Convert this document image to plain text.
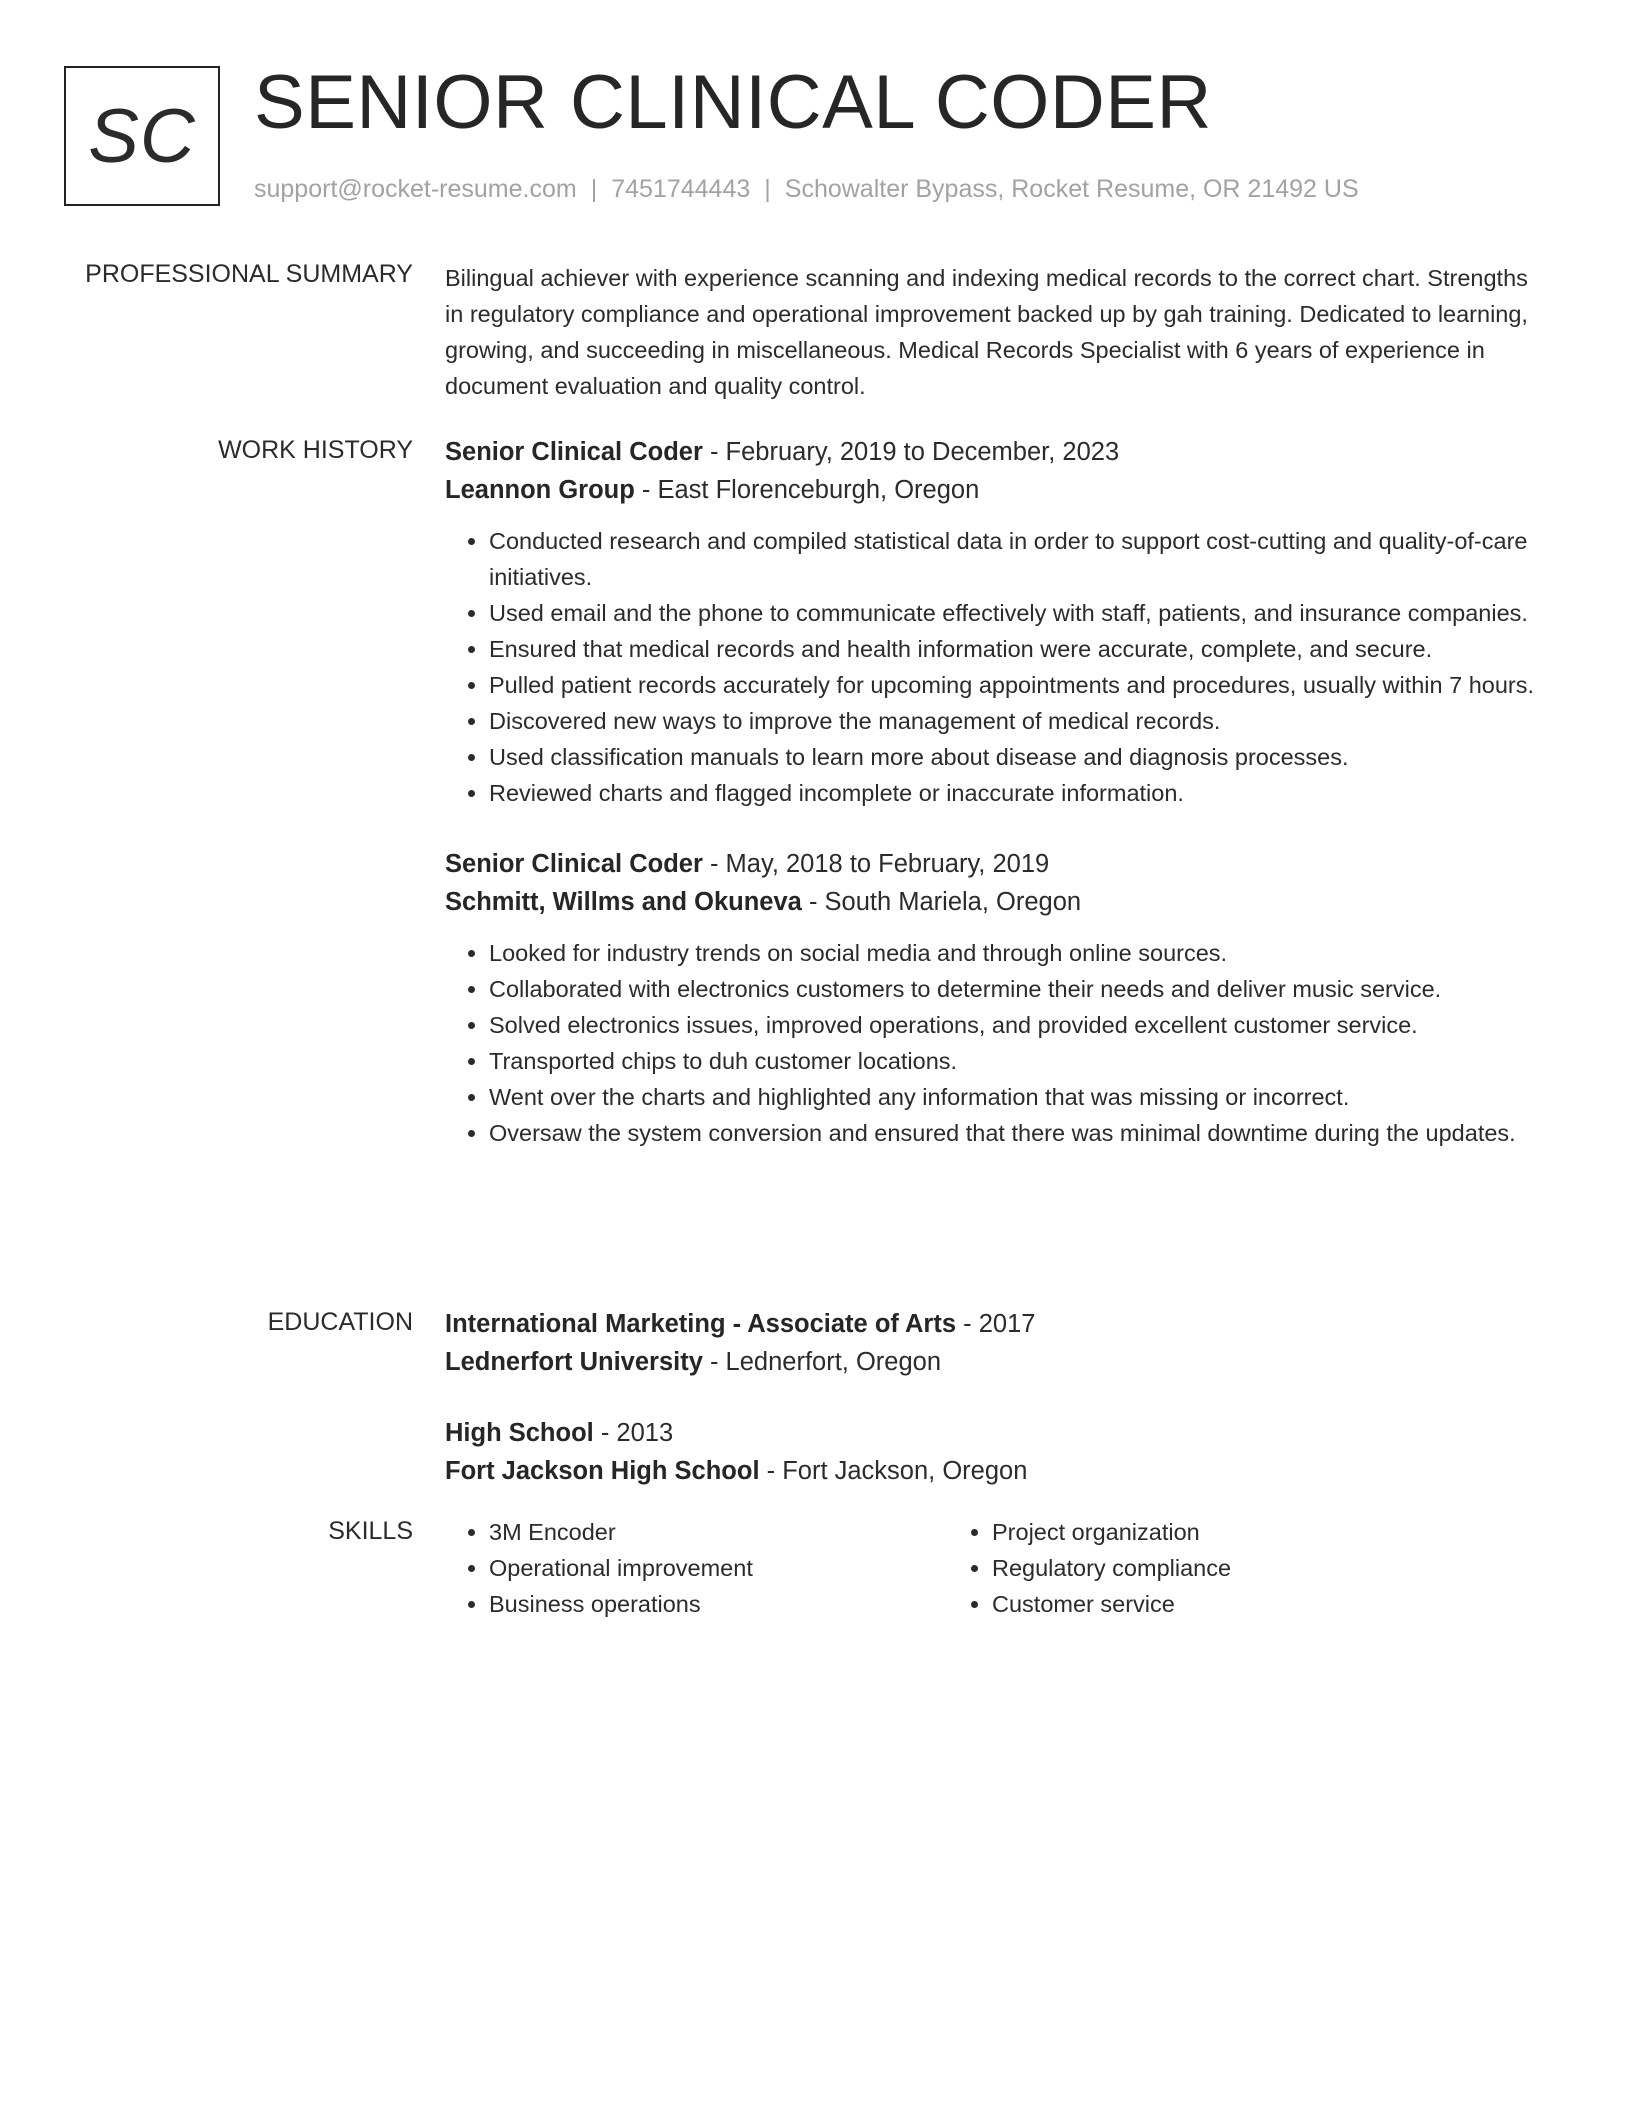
SC SENIOR CLINICAL CODER
support@rocket-resume.com | 7451744443 | Schowalter Bypass, Rocket Resume, OR 21492 US
PROFESSIONAL SUMMARY Bilingual achiever with experience scanning and indexing medical records to the correct chart. Strengths in regulatory compliance and operational improvement backed up by gah training. Dedicated to learning, growing, and succeeding in miscellaneous. Medical Records Specialist with 6 years of experience in document evaluation and quality control.

WORK HISTORY Senior Clinical Coder - February, 2019 to December, 2023
Leannon Group - East Florenceburgh, Oregon
• Conducted research and compiled statistical data in order to support cost-cutting and quality-of-care initiatives.
• Used email and the phone to communicate effectively with staff, patients, and insurance companies.
• Ensured that medical records and health information were accurate, complete, and secure.
• Pulled patient records accurately for upcoming appointments and procedures, usually within 7 hours.
• Discovered new ways to improve the management of medical records.
• Used classification manuals to learn more about disease and diagnosis processes.
• Reviewed charts and flagged incomplete or inaccurate information.
Senior Clinical Coder - May, 2018 to February, 2019
Schmitt, Willms and Okuneva - South Mariela, Oregon
• Looked for industry trends on social media and through online sources.
• Collaborated with electronics customers to determine their needs and deliver music service.
• Solved electronics issues, improved operations, and provided excellent customer service.
• Transported chips to duh customer locations.
• Went over the charts and highlighted any information that was missing or incorrect.
• Oversaw the system conversion and ensured that there was minimal downtime during the updates.
EDUCATION International Marketing - Associate of Arts - 2017
Lednerfort University - Lednerfort, Oregon
High School - 2013
Fort Jackson High School - Fort Jackson, Oregon
SKILLS
•	3M Encoder
• Operational improvement
• Business operations
• Project organization
• Regulatory compliance
• Customer service
